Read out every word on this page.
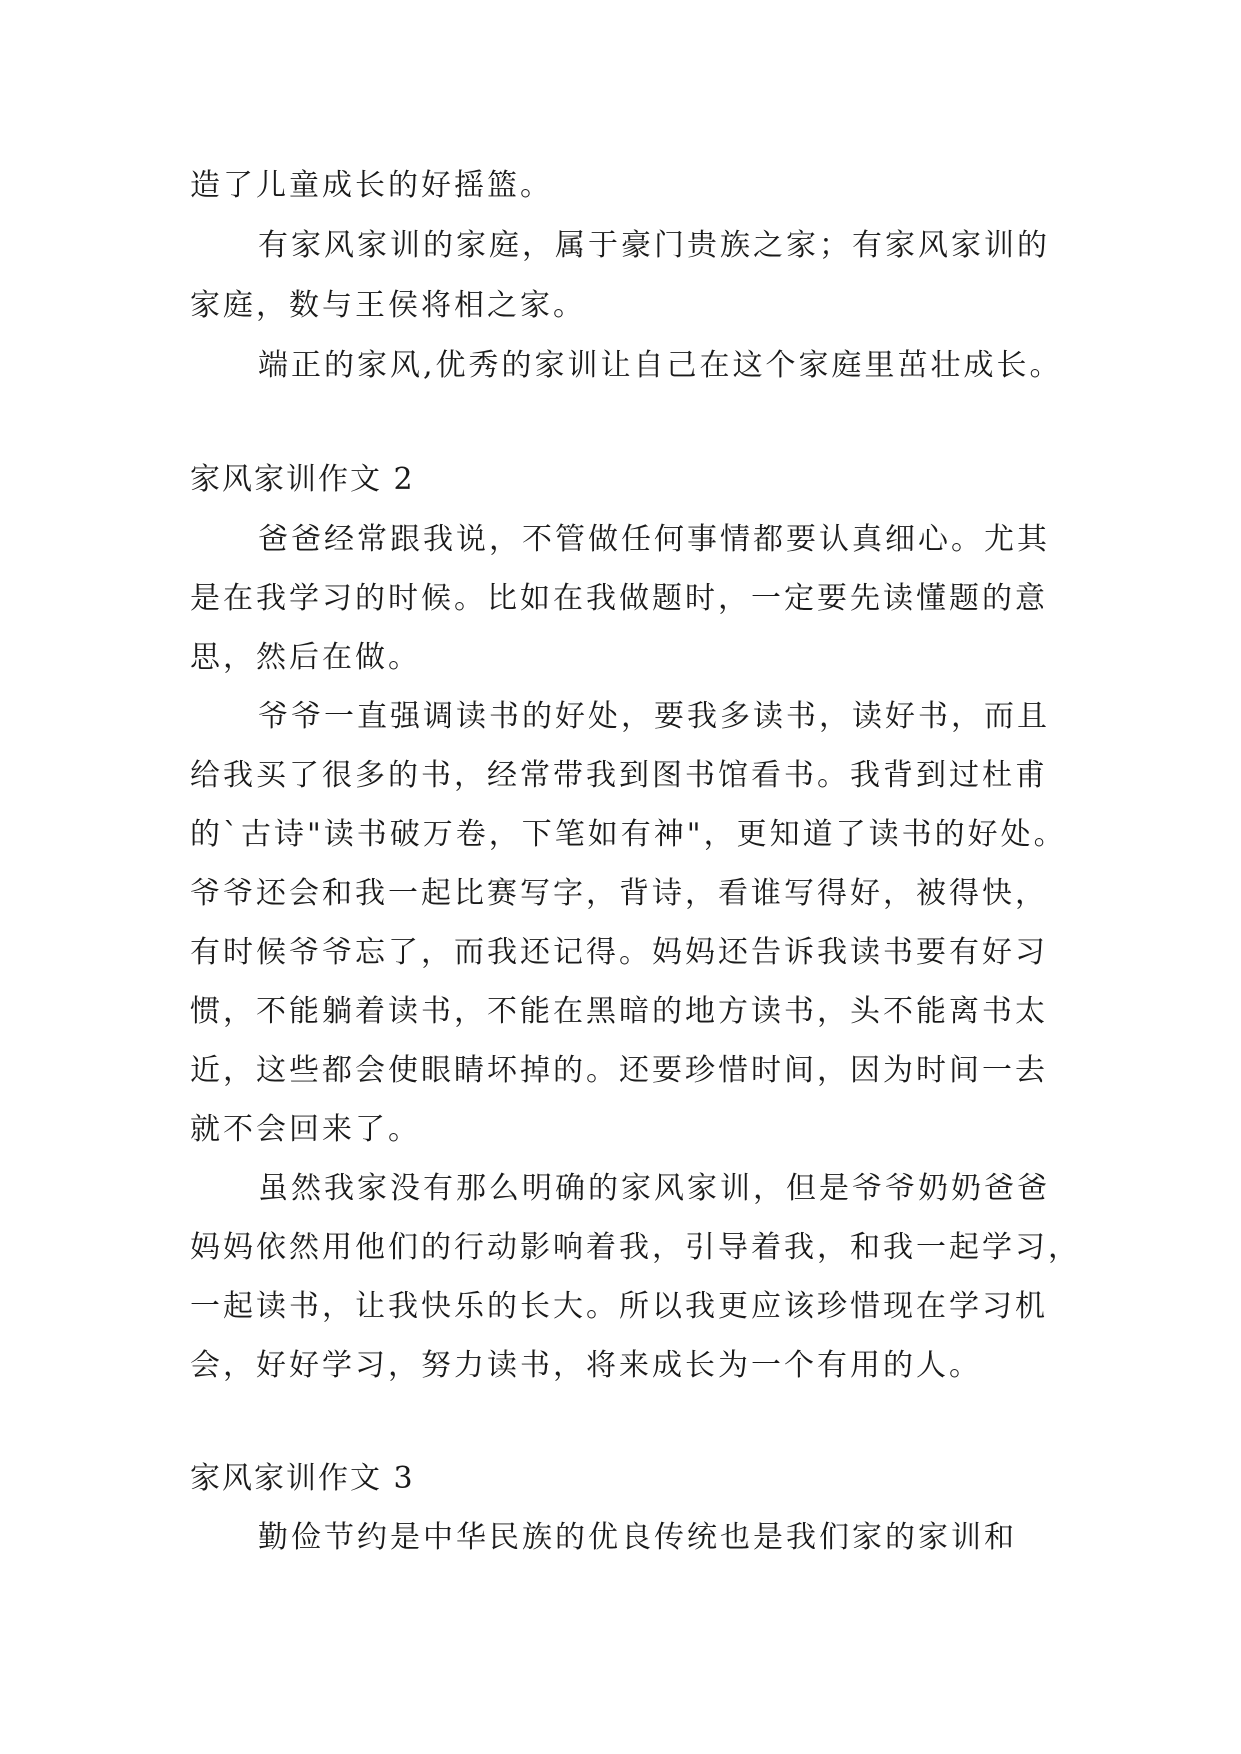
造了儿童成长的好摇篮。
有家风家训的家庭，属于豪门贵族之家；有家风家训的
家庭，数与王侯将相之家。
端正的家风,优秀的家训让自己在这个家庭里茁壮成长。
家风家训作文 2
爸爸经常跟我说，不管做任何事情都要认真细心。尤其
是在我学习的时候。比如在我做题时，一定要先读懂题的意
思，然后在做。
爷爷一直强调读书的好处，要我多读书，读好书，而且
给我买了很多的书，经常带我到图书馆看书。我背到过杜甫
的`古诗"读书破万卷，下笔如有神"，更知道了读书的好处。
爷爷还会和我一起比赛写字，背诗，看谁写得好，被得快，
有时候爷爷忘了，而我还记得。妈妈还告诉我读书要有好习
惯，不能躺着读书，不能在黑暗的地方读书，头不能离书太
近，这些都会使眼睛坏掉的。还要珍惜时间，因为时间一去
就不会回来了。
虽然我家没有那么明确的家风家训，但是爷爷奶奶爸爸
妈妈依然用他们的行动影响着我，引导着我，和我一起学习，
一起读书，让我快乐的长大。所以我更应该珍惜现在学习机
会，好好学习，努力读书，将来成长为一个有用的人。
家风家训作文 3
勤俭节约是中华民族的优良传统也是我们家的家训和
